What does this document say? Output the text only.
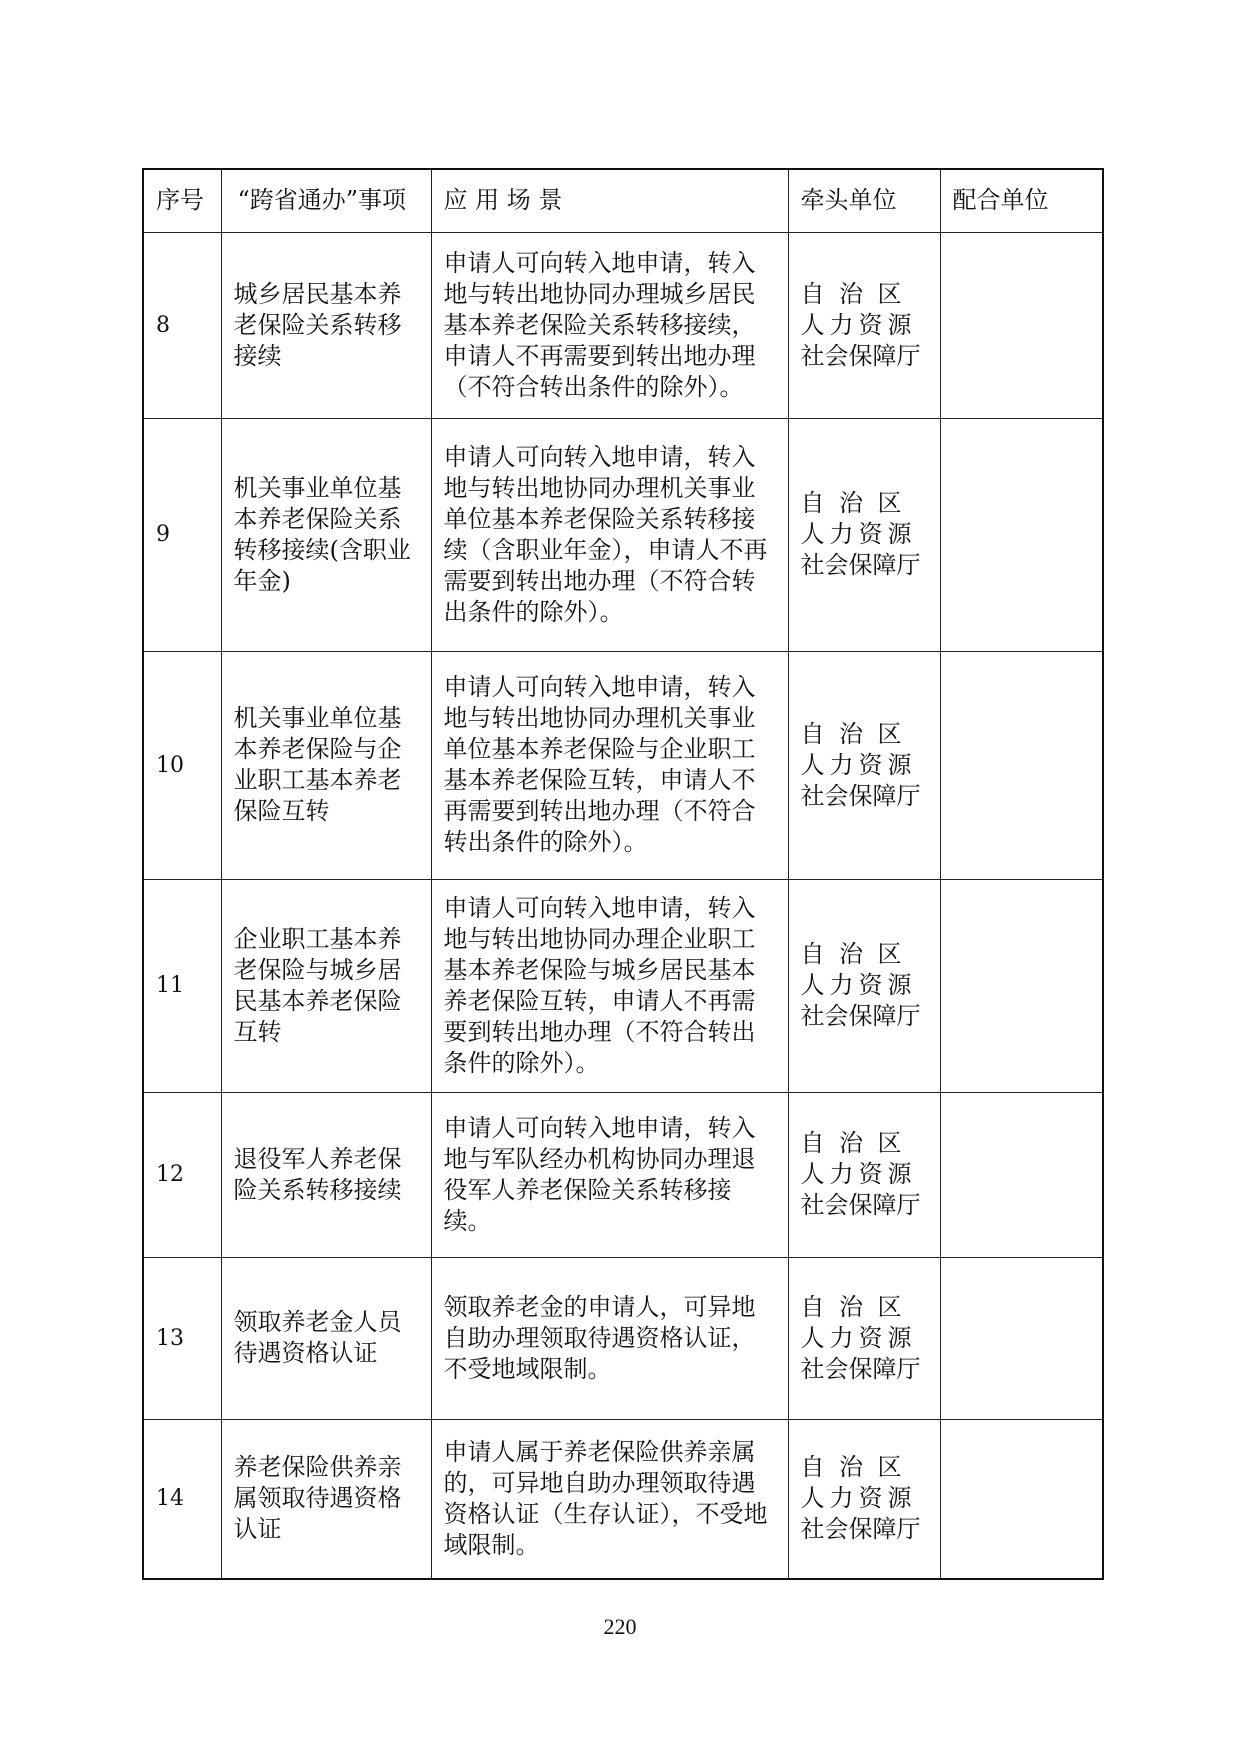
序号	“跨省通办”事项	应 用 场 景	牵头单位	配合单位
8	城乡居民基本养老保险关系转移接续	申请人可向转入地申请，转入地与转出地协同办理城乡居民基本养老保险关系转移接续，申请人不再需要到转出地办理（不符合转出条件的除外）。	自 治 区
人 力 资 源
社会保障厅	

9	机关事业单位基本养老保险关系转移接续(含职业年金)	申请人可向转入地申请，转入地与转出地协同办理机关事业单位基本养老保险关系转移接续（含职业年金），申请人不再需要到转出地办理（不符合转出条件的除外）。	自 治 区
人 力 资 源
社会保障厅	

10	机关事业单位基本养老保险与企业职工基本养老保险互转	申请人可向转入地申请，转入地与转出地协同办理机关事业单位基本养老保险与企业职工基本养老保险互转，申请人不再需要到转出地办理（不符合转出条件的除外）。	自 治 区
人 力 资 源
社会保障厅	

11	企业职工基本养老保险与城乡居民基本养老保险互转	申请人可向转入地申请，转入地与转出地协同办理企业职工基本养老保险与城乡居民基本养老保险互转，申请人不再需要到转出地办理（不符合转出条件的除外）。	自 治 区
人 力 资 源
社会保障厅	

12	退役军人养老保险关系转移接续	申请人可向转入地申请，转入地与军队经办机构协同办理退役军人养老保险关系转移接续。	自 治 区
人 力 资 源
社会保障厅	

13	领取养老金人员待遇资格认证	领取养老金的申请人，可异地自助办理领取待遇资格认证，不受地域限制。	自 治 区
人 力 资 源
社会保障厅	

14	养老保险供养亲属领取待遇资格认证	申请人属于养老保险供养亲属的，可异地自助办理领取待遇资格认证（生存认证），不受地域限制。	自 治 区
人 力 资 源
社会保障厅	

220
